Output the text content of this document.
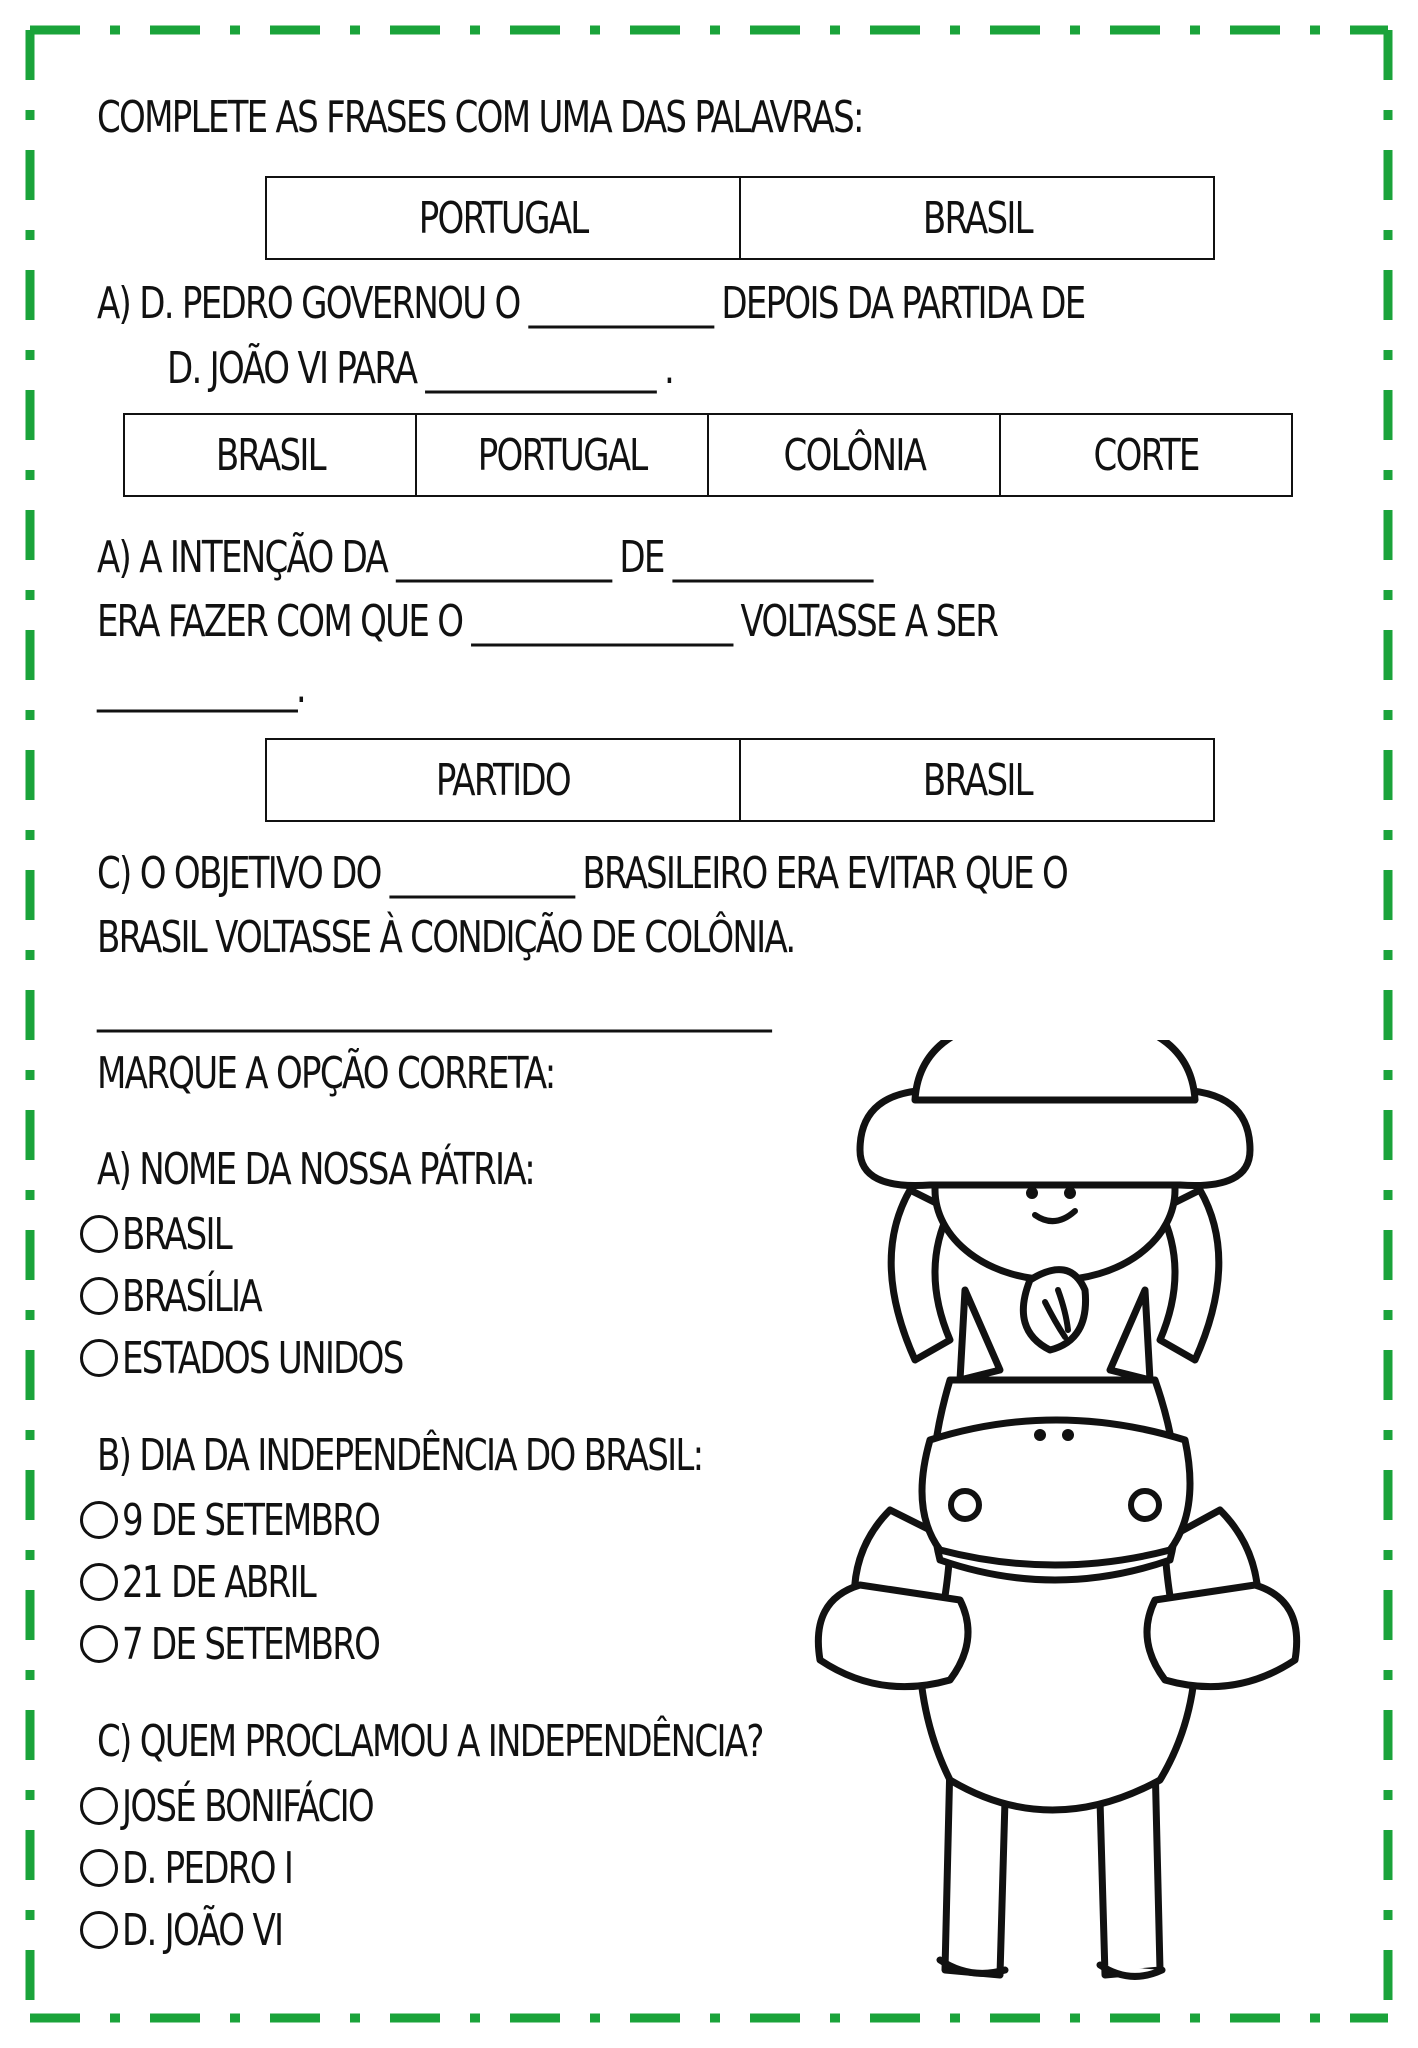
COMPLETE AS FRASES COM UMA DAS PALAVRAS:
PORTUGAL	BRASIL
A) D. PEDRO GOVERNOU O ____________ DEPOIS DA PARTIDA DE
D. JOÃO VI PARA _______________ .
BRASIL	PORTUGAL	COLÔNIA	CORTE
A) A INTENÇÃO DA ______________ DE _____________
ERA FAZER COM QUE O _________________ VOLTASSE A SER
_____________.
PARTIDO	BRASIL
C) O OBJETIVO DO ____________ BRASILEIRO ERA EVITAR QUE O
BRASIL VOLTASSE À CONDIÇÃO DE COLÔNIA.
____________________________________________
MARQUE A OPÇÃO CORRETA:
A) NOME DA NOSSA PÁTRIA:
BRASIL
BRASÍLIA
ESTADOS UNIDOS
B) DIA DA INDEPENDÊNCIA DO BRASIL:
9 DE SETEMBRO
21 DE ABRIL
7 DE SETEMBRO
C) QUEM PROCLAMOU A INDEPENDÊNCIA?
JOSÉ BONIFÁCIO
D. PEDRO I
D. JOÃO VI
